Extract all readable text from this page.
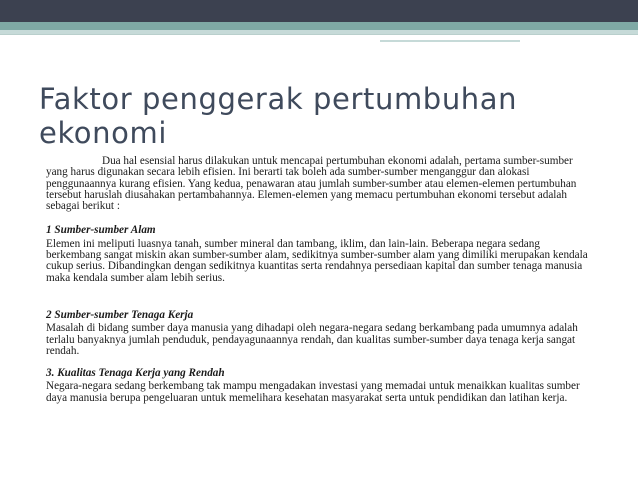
Faktor penggerak pertumbuhan ekonomi

Dua hal esensial harus dilakukan untuk mencapai pertumbuhan ekonomi adalah, pertama sumber-sumber yang harus digunakan secara lebih efisien. Ini berarti tak boleh ada sumber-sumber menganggur dan alokasi penggunaannya kurang efisien. Yang kedua, penawaran atau jumlah sumber-sumber atau elemen-elemen pertumbuhan tersebut haruslah diusahakan pertambahannya. Elemen-elemen yang memacu pertumbuhan ekonomi tersebut adalah sebagai berikut :

1 Sumber-sumber Alam

Elemen ini meliputi luasnya tanah, sumber mineral dan tambang, iklim, dan lain-lain. Beberapa negara sedang berkembang sangat miskin akan sumber-sumber alam, sedikitnya sumber-sumber alam yang dimiliki merupakan kendala cukup serius. Dibandingkan dengan sedikitnya kuantitas serta rendahnya persediaan kapital dan sumber tenaga manusia maka kendala sumber alam lebih serius.

2 Sumber-sumber Tenaga Kerja

Masalah di bidang sumber daya manusia yang dihadapi oleh negara-negara sedang berkambang pada umumnya adalah terlalu banyaknya jumlah penduduk, pendayagunaannya rendah, dan kualitas sumber-sumber daya tenaga kerja sangat rendah.

3. Kualitas Tenaga Kerja yang Rendah

Negara-negara sedang berkembang tak mampu mengadakan investasi yang memadai untuk menaikkan kualitas sumber daya manusia berupa pengeluaran untuk memelihara kesehatan masyarakat serta untuk pendidikan dan latihan kerja.
